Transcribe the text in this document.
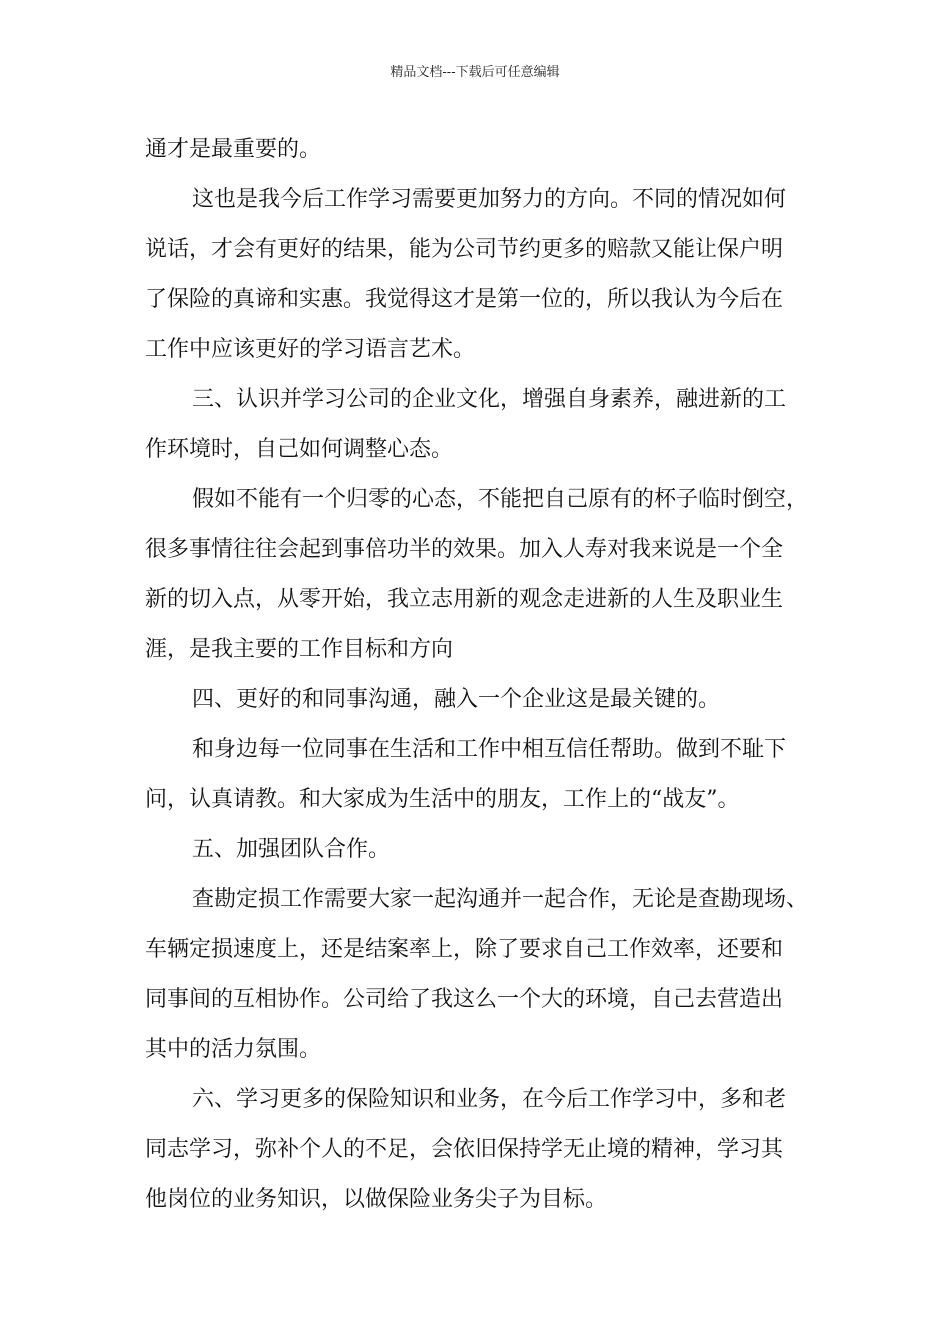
精品文档---下载后可任意编辑
通才是最重要的。
这也是我今后工作学习需要更加努力的方向。不同的情况如何
说话，才会有更好的结果，能为公司节约更多的赔款又能让保户明
了保险的真谛和实惠。我觉得这才是第一位的，所以我认为今后在
工作中应该更好的学习语言艺术。
三、认识并学习公司的企业文化，增强自身素养，融进新的工
作环境时，自己如何调整心态。
假如不能有一个归零的心态，不能把自己原有的杯子临时倒空，
很多事情往往会起到事倍功半的效果。加入人寿对我来说是一个全
新的切入点，从零开始，我立志用新的观念走进新的人生及职业生
涯，是我主要的工作目标和方向
四、更好的和同事沟通，融入一个企业这是最关键的。
和身边每一位同事在生活和工作中相互信任帮助。做到不耻下
问，认真请教。和大家成为生活中的朋友，工作上的“战友”。
五、加强团队合作。
查勘定损工作需要大家一起沟通并一起合作，无论是查勘现场、
车辆定损速度上，还是结案率上，除了要求自己工作效率，还要和
同事间的互相协作。公司给了我这么一个大的环境，自己去营造出
其中的活力氛围。
六、学习更多的保险知识和业务，在今后工作学习中，多和老
同志学习，弥补个人的不足，会依旧保持学无止境的精神，学习其
他岗位的业务知识，以做保险业务尖子为目标。
